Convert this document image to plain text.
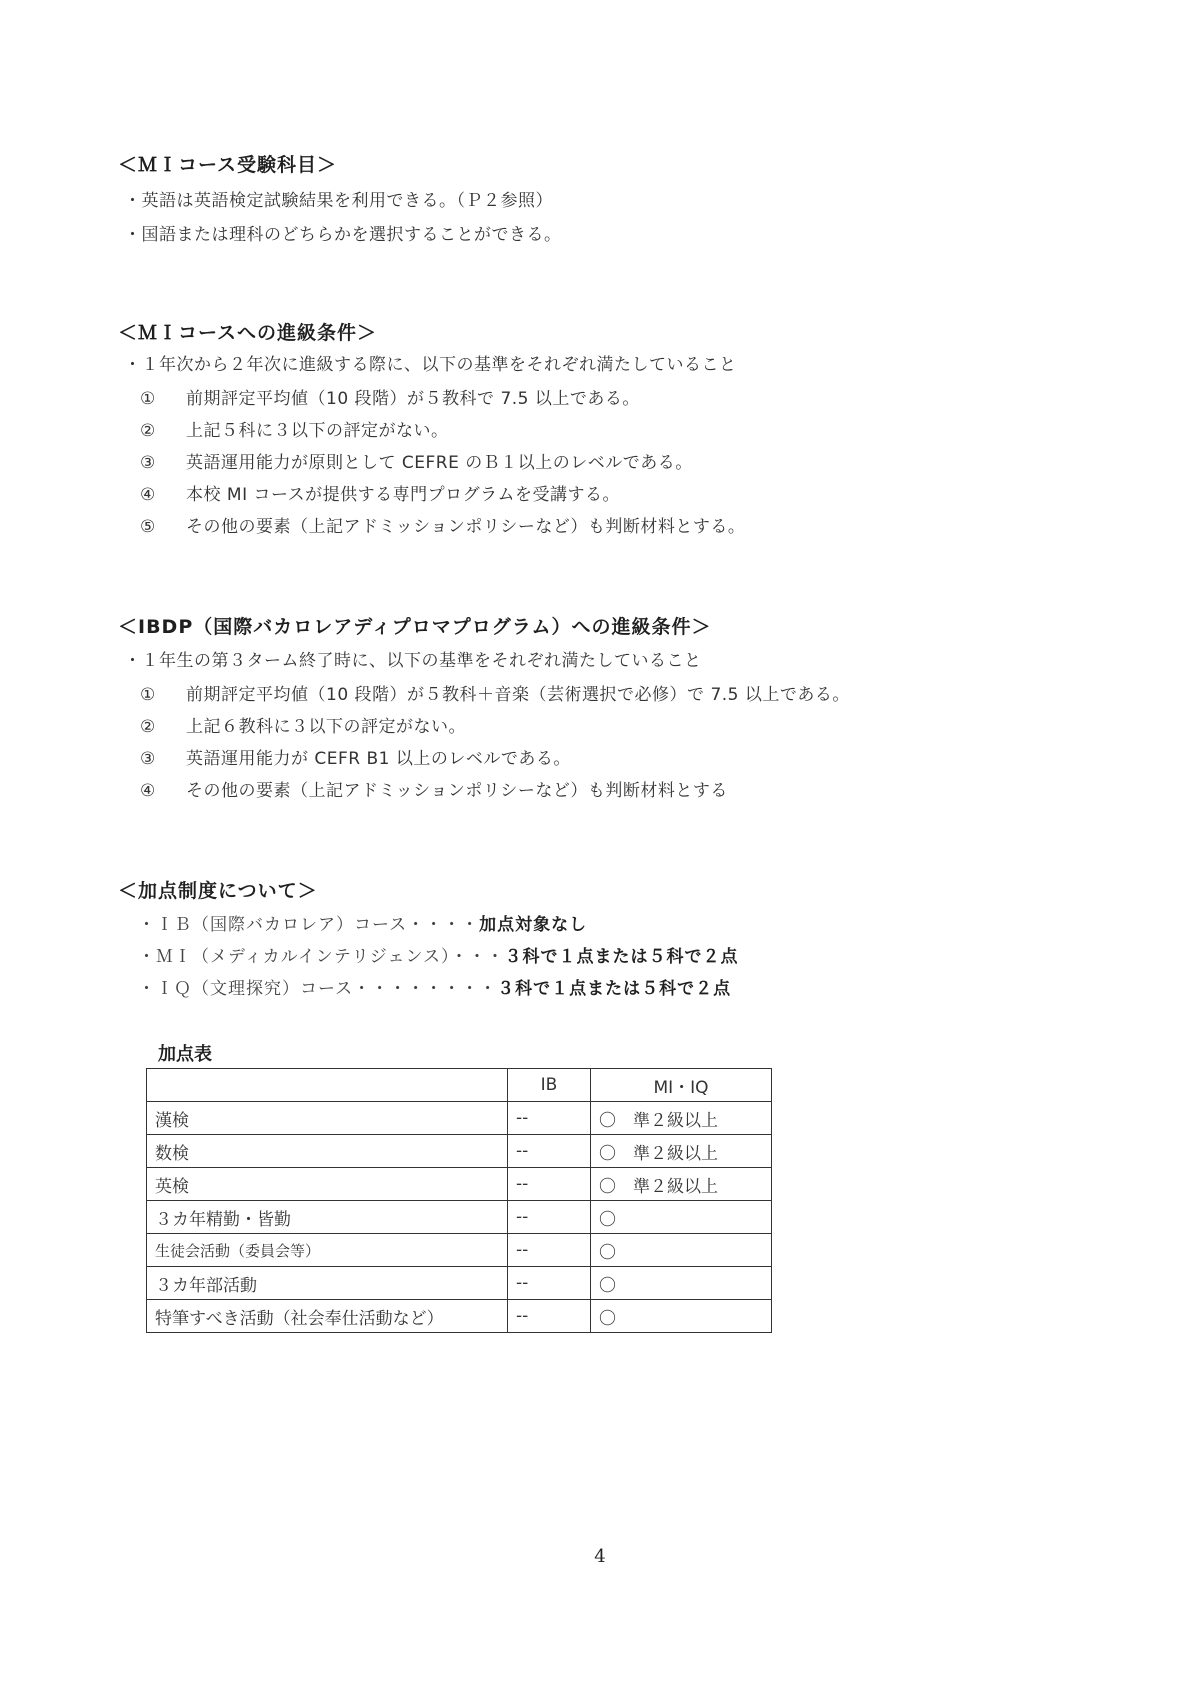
＜ＭＩコース受験科目＞
・英語は英語検定試験結果を利用できる。（Ｐ２参照）
・国語または理科のどちらかを選択することができる。
＜ＭＩコースへの進級条件＞
・１年次から２年次に進級する際に、以下の基準をそれぞれ満たしていること
① 前期評定平均値（10 段階）が５教科で 7.5 以上である。
② 上記５科に３以下の評定がない。
③ 英語運用能力が原則として CEFRE のＢ１以上のレベルである。
④ 本校 MI コースが提供する専門プログラムを受講する。
⑤ その他の要素（上記アドミッションポリシーなど）も判断材料とする。
＜IBDP（国際バカロレアディプロマプログラム）への進級条件＞
・１年生の第３ターム終了時に、以下の基準をそれぞれ満たしていること
① 前期評定平均値（10 段階）が５教科＋音楽（芸術選択で必修）で 7.5 以上である。
② 上記６教科に３以下の評定がない。
③ 英語運用能力が CEFR B1 以上のレベルである。
④ その他の要素（上記アドミッションポリシーなど）も判断材料とする
＜加点制度について＞
・ＩＢ（国際バカロレア）コース・・・・加点対象なし
・ＭＩ（メディカルインテリジェンス）・・・３科で１点または５科で２点
・ＩＱ（文理探究）コース・・・・・・・・３科で１点または５科で２点
加点表
	IB	MI・IQ
漢検	--	〇　準２級以上
数検	--	〇　準２級以上
英検	--	〇　準２級以上
３カ年精勤・皆勤	--	〇
生徒会活動（委員会等）	--	〇
３カ年部活動	--	〇
特筆すべき活動（社会奉仕活動など）	--	〇
4
